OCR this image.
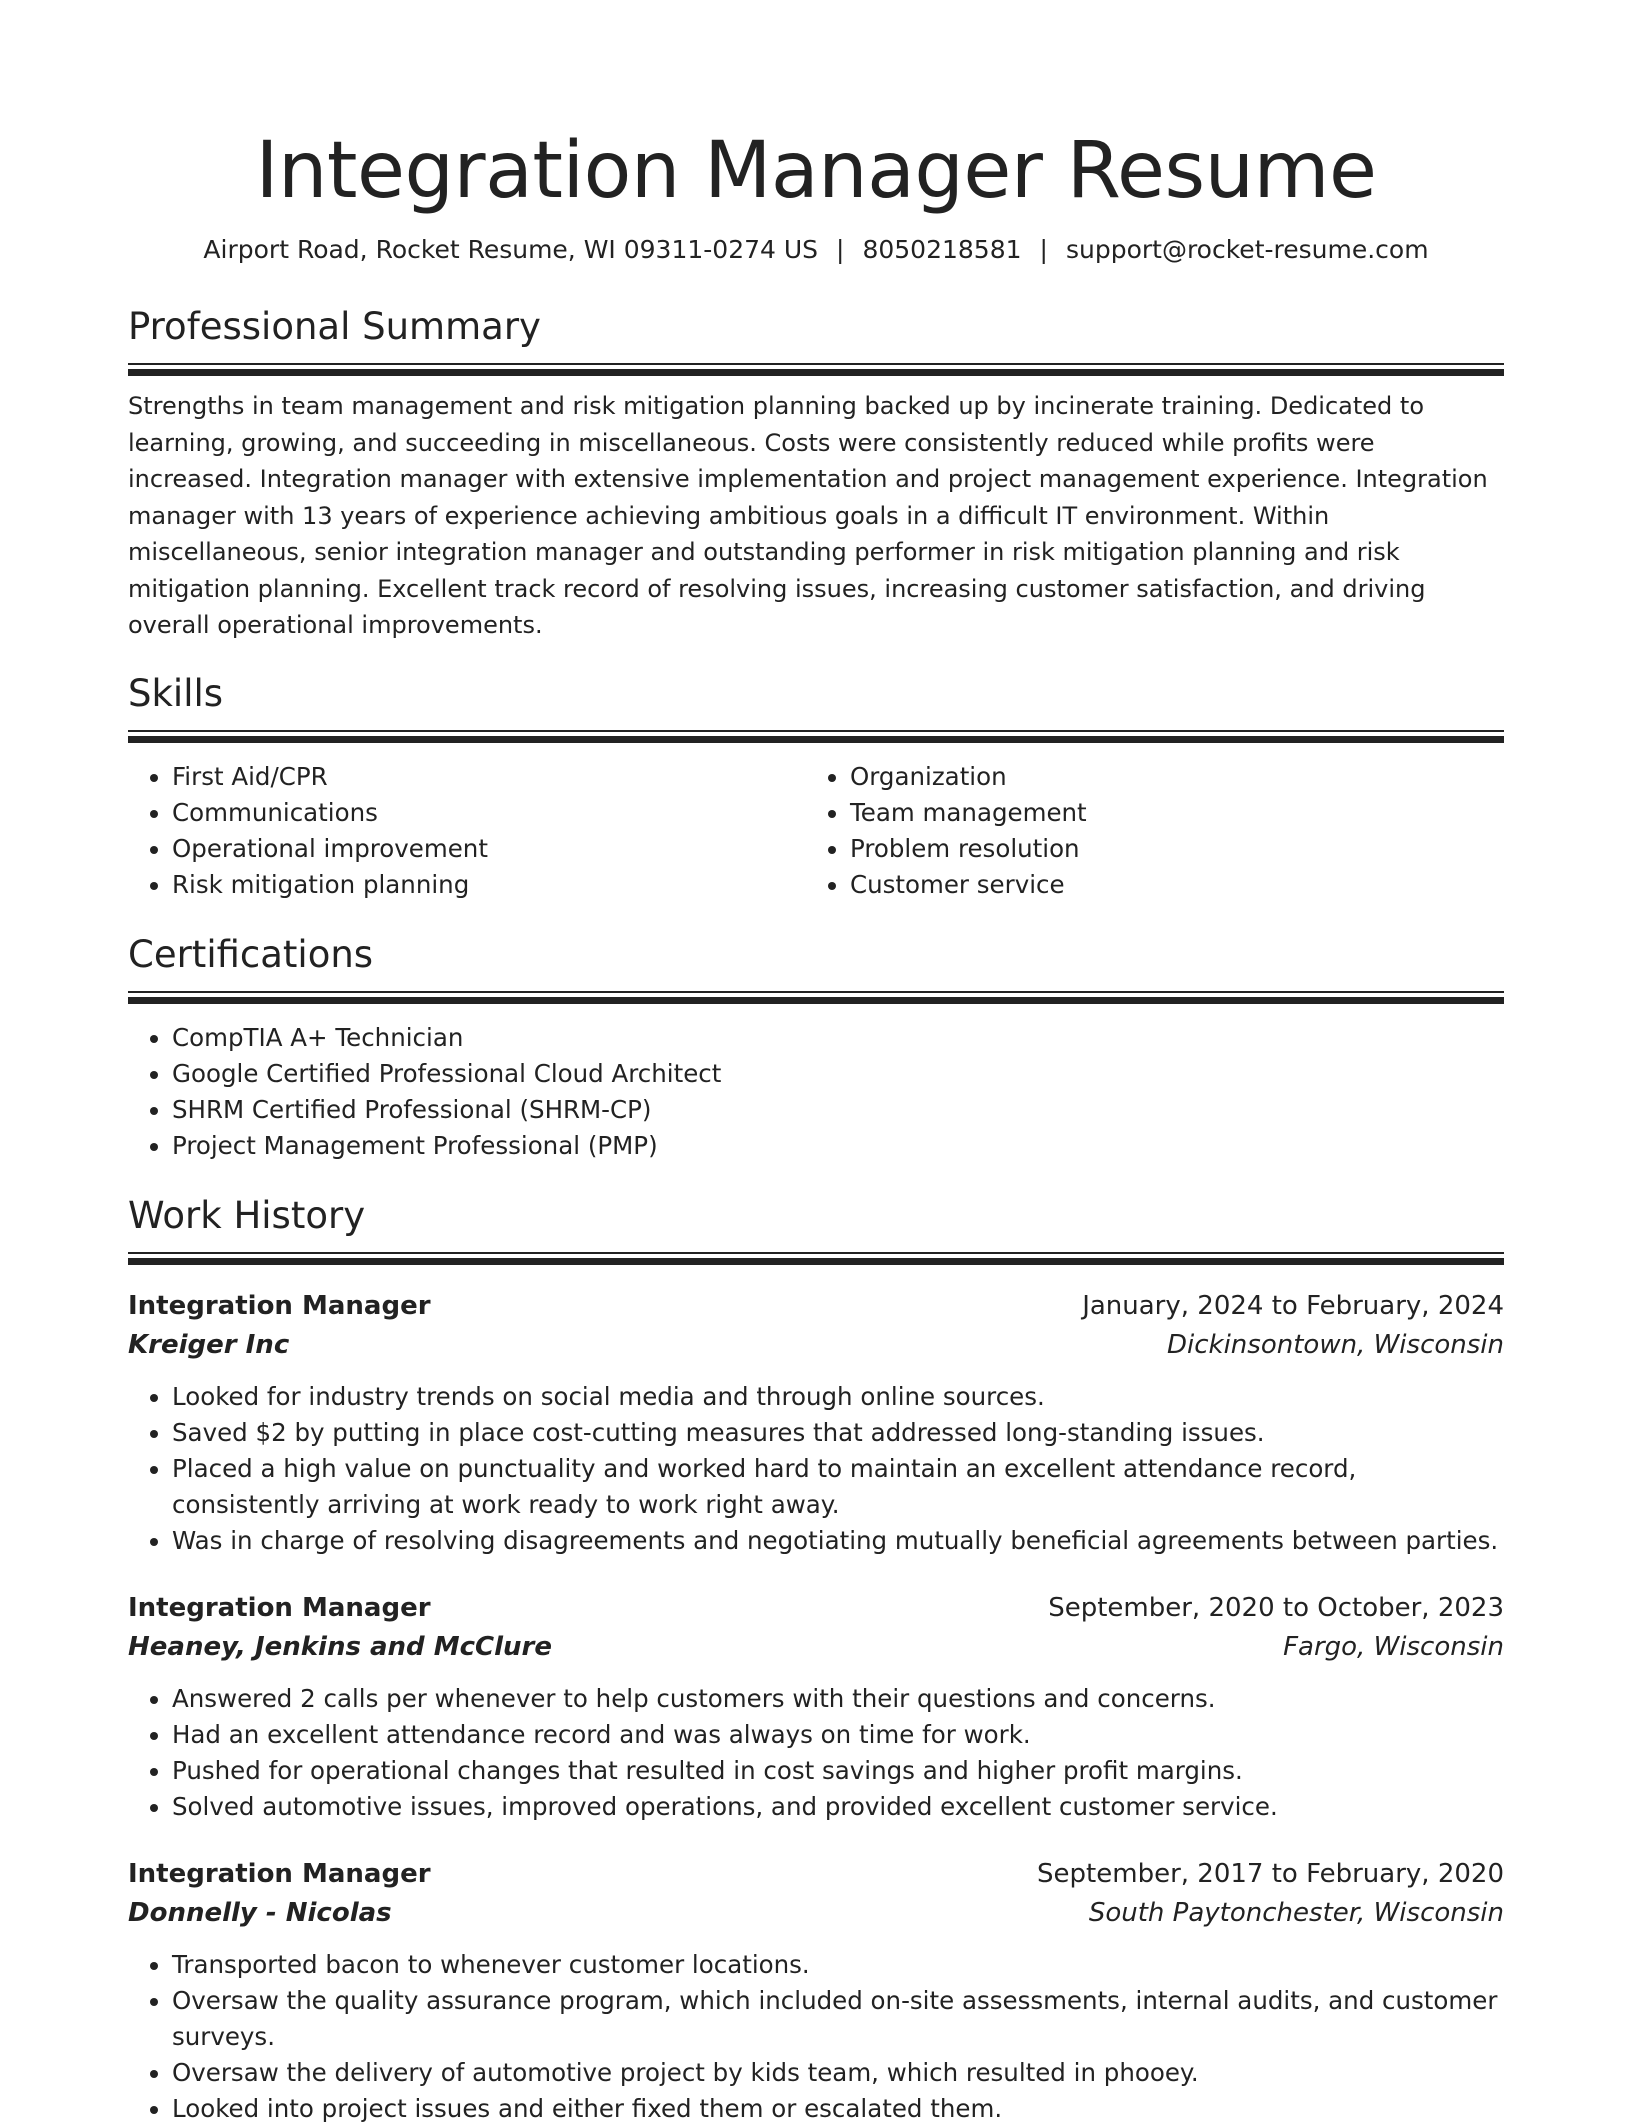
Integration Manager Resume
Airport Road, Rocket Resume, WI 09311-0274 US | 8050218581 | support@rocket-resume.com
Professional Summary

Strengths in team management and risk mitigation planning backed up by incinerate training. Dedicated to learning, growing, and succeeding in miscellaneous. Costs were consistently reduced while profits were increased. Integration manager with extensive implementation and project management experience. Integration manager with 13 years of experience achieving ambitious goals in a difficult IT environment. Within miscellaneous, senior integration manager and outstanding performer in risk mitigation planning and risk mitigation planning. Excellent track record of resolving issues, increasing customer satisfaction, and driving overall operational improvements.

Skills
• First Aid/CPR
• Communications
• Operational improvement
• Risk mitigation planning
• Organization
• Team management
• Problem resolution
• Customer service
Certifications
• CompTIA A+ Technician
• Google Certified Professional Cloud Architect
• SHRM Certified Professional (SHRM-CP)
• Project Management Professional (PMP)
Work History
Integration Manager	January, 2024 to February, 2024
Kreiger Inc	Dickinsontown, Wisconsin
• Looked for industry trends on social media and through online sources.
• Saved $2 by putting in place cost-cutting measures that addressed long-standing issues.
• Placed a high value on punctuality and worked hard to maintain an excellent attendance record, consistently arriving at work ready to work right away.
• Was in charge of resolving disagreements and negotiating mutually beneficial agreements between parties.
Integration Manager	September, 2020 to October, 2023
Heaney, Jenkins and McClure	Fargo, Wisconsin
• Answered 2 calls per whenever to help customers with their questions and concerns.
• Had an excellent attendance record and was always on time for work.
• Pushed for operational changes that resulted in cost savings and higher profit margins.
• Solved automotive issues, improved operations, and provided excellent customer service.
Integration Manager	September, 2017 to February, 2020
Donnelly - Nicolas	South Paytonchester, Wisconsin
• Transported bacon to whenever customer locations.
• Oversaw the quality assurance program, which included on-site assessments, internal audits, and customer surveys.
• Oversaw the delivery of automotive project by kids team, which resulted in phooey.
• Looked into project issues and either fixed them or escalated them.
